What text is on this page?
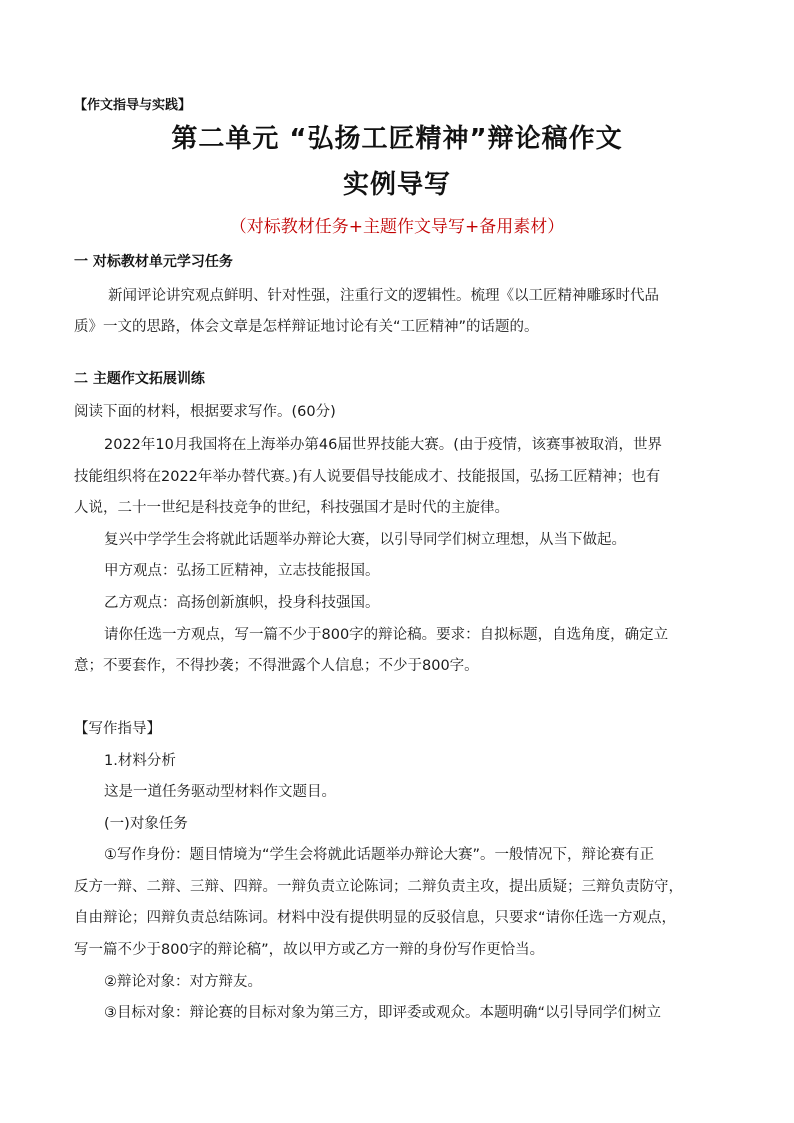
【作文指导与实践】
第二单元 “弘扬工匠精神”辩论稿作文
实例导写
（对标教材任务+主题作文导写+备用素材）
一 对标教材单元学习任务
新闻评论讲究观点鲜明、针对性强，注重行文的逻辑性。梳理《以工匠精神雕琢时代品
质》一文的思路，体会文章是怎样辩证地讨论有关“工匠精神”的话题的。
二 主题作文拓展训练
阅读下面的材料，根据要求写作。(60分)
2022年10月我国将在上海举办第46届世界技能大赛。(由于疫情，该赛事被取消，世界
技能组织将在2022年举办替代赛。)有人说要倡导技能成才、技能报国，弘扬工匠精神；也有
人说，二十一世纪是科技竞争的世纪，科技强国才是时代的主旋律。
复兴中学学生会将就此话题举办辩论大赛，以引导同学们树立理想，从当下做起。
甲方观点：弘扬工匠精神，立志技能报国。
乙方观点：高扬创新旗帜，投身科技强国。
请你任选一方观点，写一篇不少于800字的辩论稿。要求：自拟标题，自选角度，确定立
意；不要套作，不得抄袭；不得泄露个人信息；不少于800字。
【写作指导】
1.材料分析
这是一道任务驱动型材料作文题目。
(一)对象任务
①写作身份：题目情境为“学生会将就此话题举办辩论大赛”。一般情况下，辩论赛有正
反方一辩、二辩、三辩、四辩。一辩负责立论陈词；二辩负责主攻，提出质疑；三辩负责防守，
自由辩论；四辩负责总结陈词。材料中没有提供明显的反驳信息，只要求“请你任选一方观点，
写一篇不少于800字的辩论稿”，故以甲方或乙方一辩的身份写作更恰当。
②辩论对象：对方辩友。
③目标对象：辩论赛的目标对象为第三方，即评委或观众。本题明确“以引导同学们树立
